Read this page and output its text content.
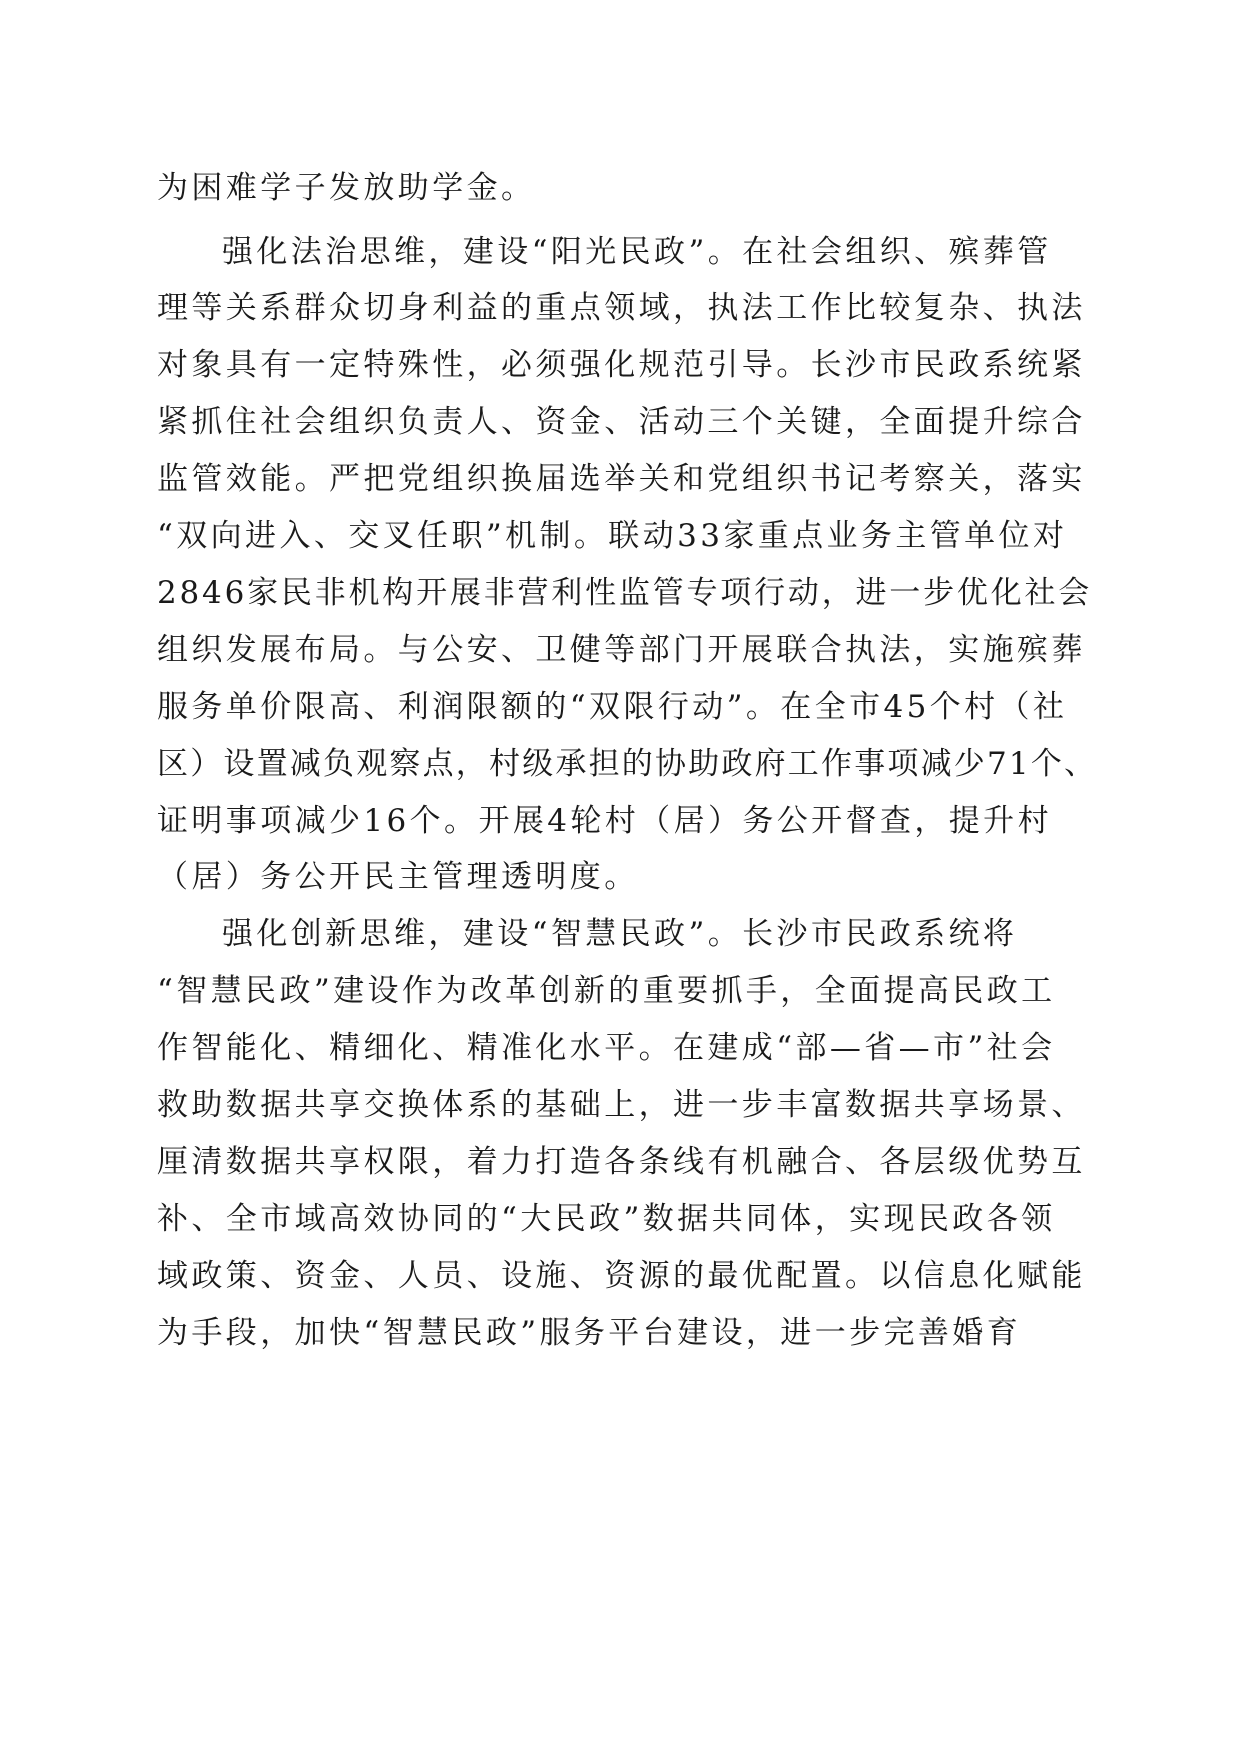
为困难学子发放助学金。
强化法治思维，建设“阳光民政”。在社会组织、殡葬管
理等关系群众切身利益的重点领域，执法工作比较复杂、执法
对象具有一定特殊性，必须强化规范引导。长沙市民政系统紧
紧抓住社会组织负责人、资金、活动三个关键，全面提升综合
监管效能。严把党组织换届选举关和党组织书记考察关，落实
“双向进入、交叉任职”机制。联动33家重点业务主管单位对
2846家民非机构开展非营利性监管专项行动，进一步优化社会
组织发展布局。与公安、卫健等部门开展联合执法，实施殡葬
服务单价限高、利润限额的“双限行动”。在全市45个村（社
区）设置减负观察点，村级承担的协助政府工作事项减少71个、
证明事项减少16个。开展4轮村（居）务公开督查，提升村
（居）务公开民主管理透明度。
强化创新思维，建设“智慧民政”。长沙市民政系统将
“智慧民政”建设作为改革创新的重要抓手，全面提高民政工
作智能化、精细化、精准化水平。在建成“部—省—市”社会
救助数据共享交换体系的基础上，进一步丰富数据共享场景、
厘清数据共享权限，着力打造各条线有机融合、各层级优势互
补、全市域高效协同的“大民政”数据共同体，实现民政各领
域政策、资金、人员、设施、资源的最优配置。以信息化赋能
为手段，加快“智慧民政”服务平台建设，进一步完善婚育
